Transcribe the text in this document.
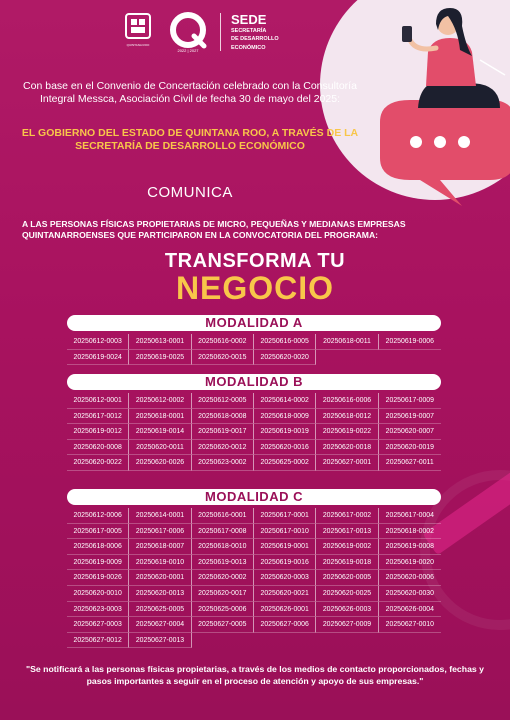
QUINTANA ROO
2022 | 2027
SEDE
SECRETARÍA
DE DESARROLLO
ECONÓMICO

Con base en el Convenio de Concertación celebrado con la Consultoría Integral Messca, Asociación Civil de fecha 30 de mayo del 2025:

EL GOBIERNO DEL ESTADO DE QUINTANA ROO, A TRAVÉS DE LA SECRETARÍA DE DESARROLLO ECONÓMICO

COMUNICA

A LAS PERSONAS FÍSICAS PROPIETARIAS DE MICRO, PEQUEÑAS Y MEDIANAS EMPRESAS QUINTANARROENSES QUE PARTICIPARON EN LA CONVOCATORIA DEL PROGRAMA:

TRANSFORMA TU
NEGOCIO
MODALIDAD A
20250612-0003	20250613-0001	20250616-0002	20250616-0005	20250618-0011	20250619-0006
20250619-0024	20250619-0025	20250620-0015	20250620-0020
MODALIDAD B
20250612-0001	20250612-0002	20250612-0005	20250614-0002	20250616-0006	20250617-0009
20250617-0012	20250618-0001	20250618-0008	20250618-0009	20250618-0012	20250619-0007
20250619-0012	20250619-0014	20250619-0017	20250619-0019	20250619-0022	20250620-0007
20250620-0008	20250620-0011	20250620-0012	20250620-0016	20250620-0018	20250620-0019
20250620-0022	20250620-0026	20250623-0002	20250625-0002	20250627-0001	20250627-0011
MODALIDAD C
20250612-0006	20250614-0001	20250616-0001	20250617-0001	20250617-0002	20250617-0004
20250617-0005	20250617-0006	20250617-0008	20250617-0010	20250617-0013	20250618-0002
20250618-0006	20250618-0007	20250618-0010	20250619-0001	20250619-0002	20250619-0008
20250619-0009	20250619-0010	20250619-0013	20250619-0016	20250619-0018	20250619-0020
20250619-0026	20250620-0001	20250620-0002	20250620-0003	20250620-0005	20250620-0006
20250620-0010	20250620-0013	20250620-0017	20250620-0021	20250620-0025	20250620-0030
20250623-0003	20250625-0005	20250625-0006	20250626-0001	20250626-0003	20250626-0004
20250627-0003	20250627-0004	20250627-0005	20250627-0006	20250627-0009	20250627-0010
20250627-0012	20250627-0013

"Se notificará a las personas físicas propietarias, a través de los medios de contacto proporcionados, fechas y pasos importantes a seguir en el proceso de atención y apoyo de sus empresas."
